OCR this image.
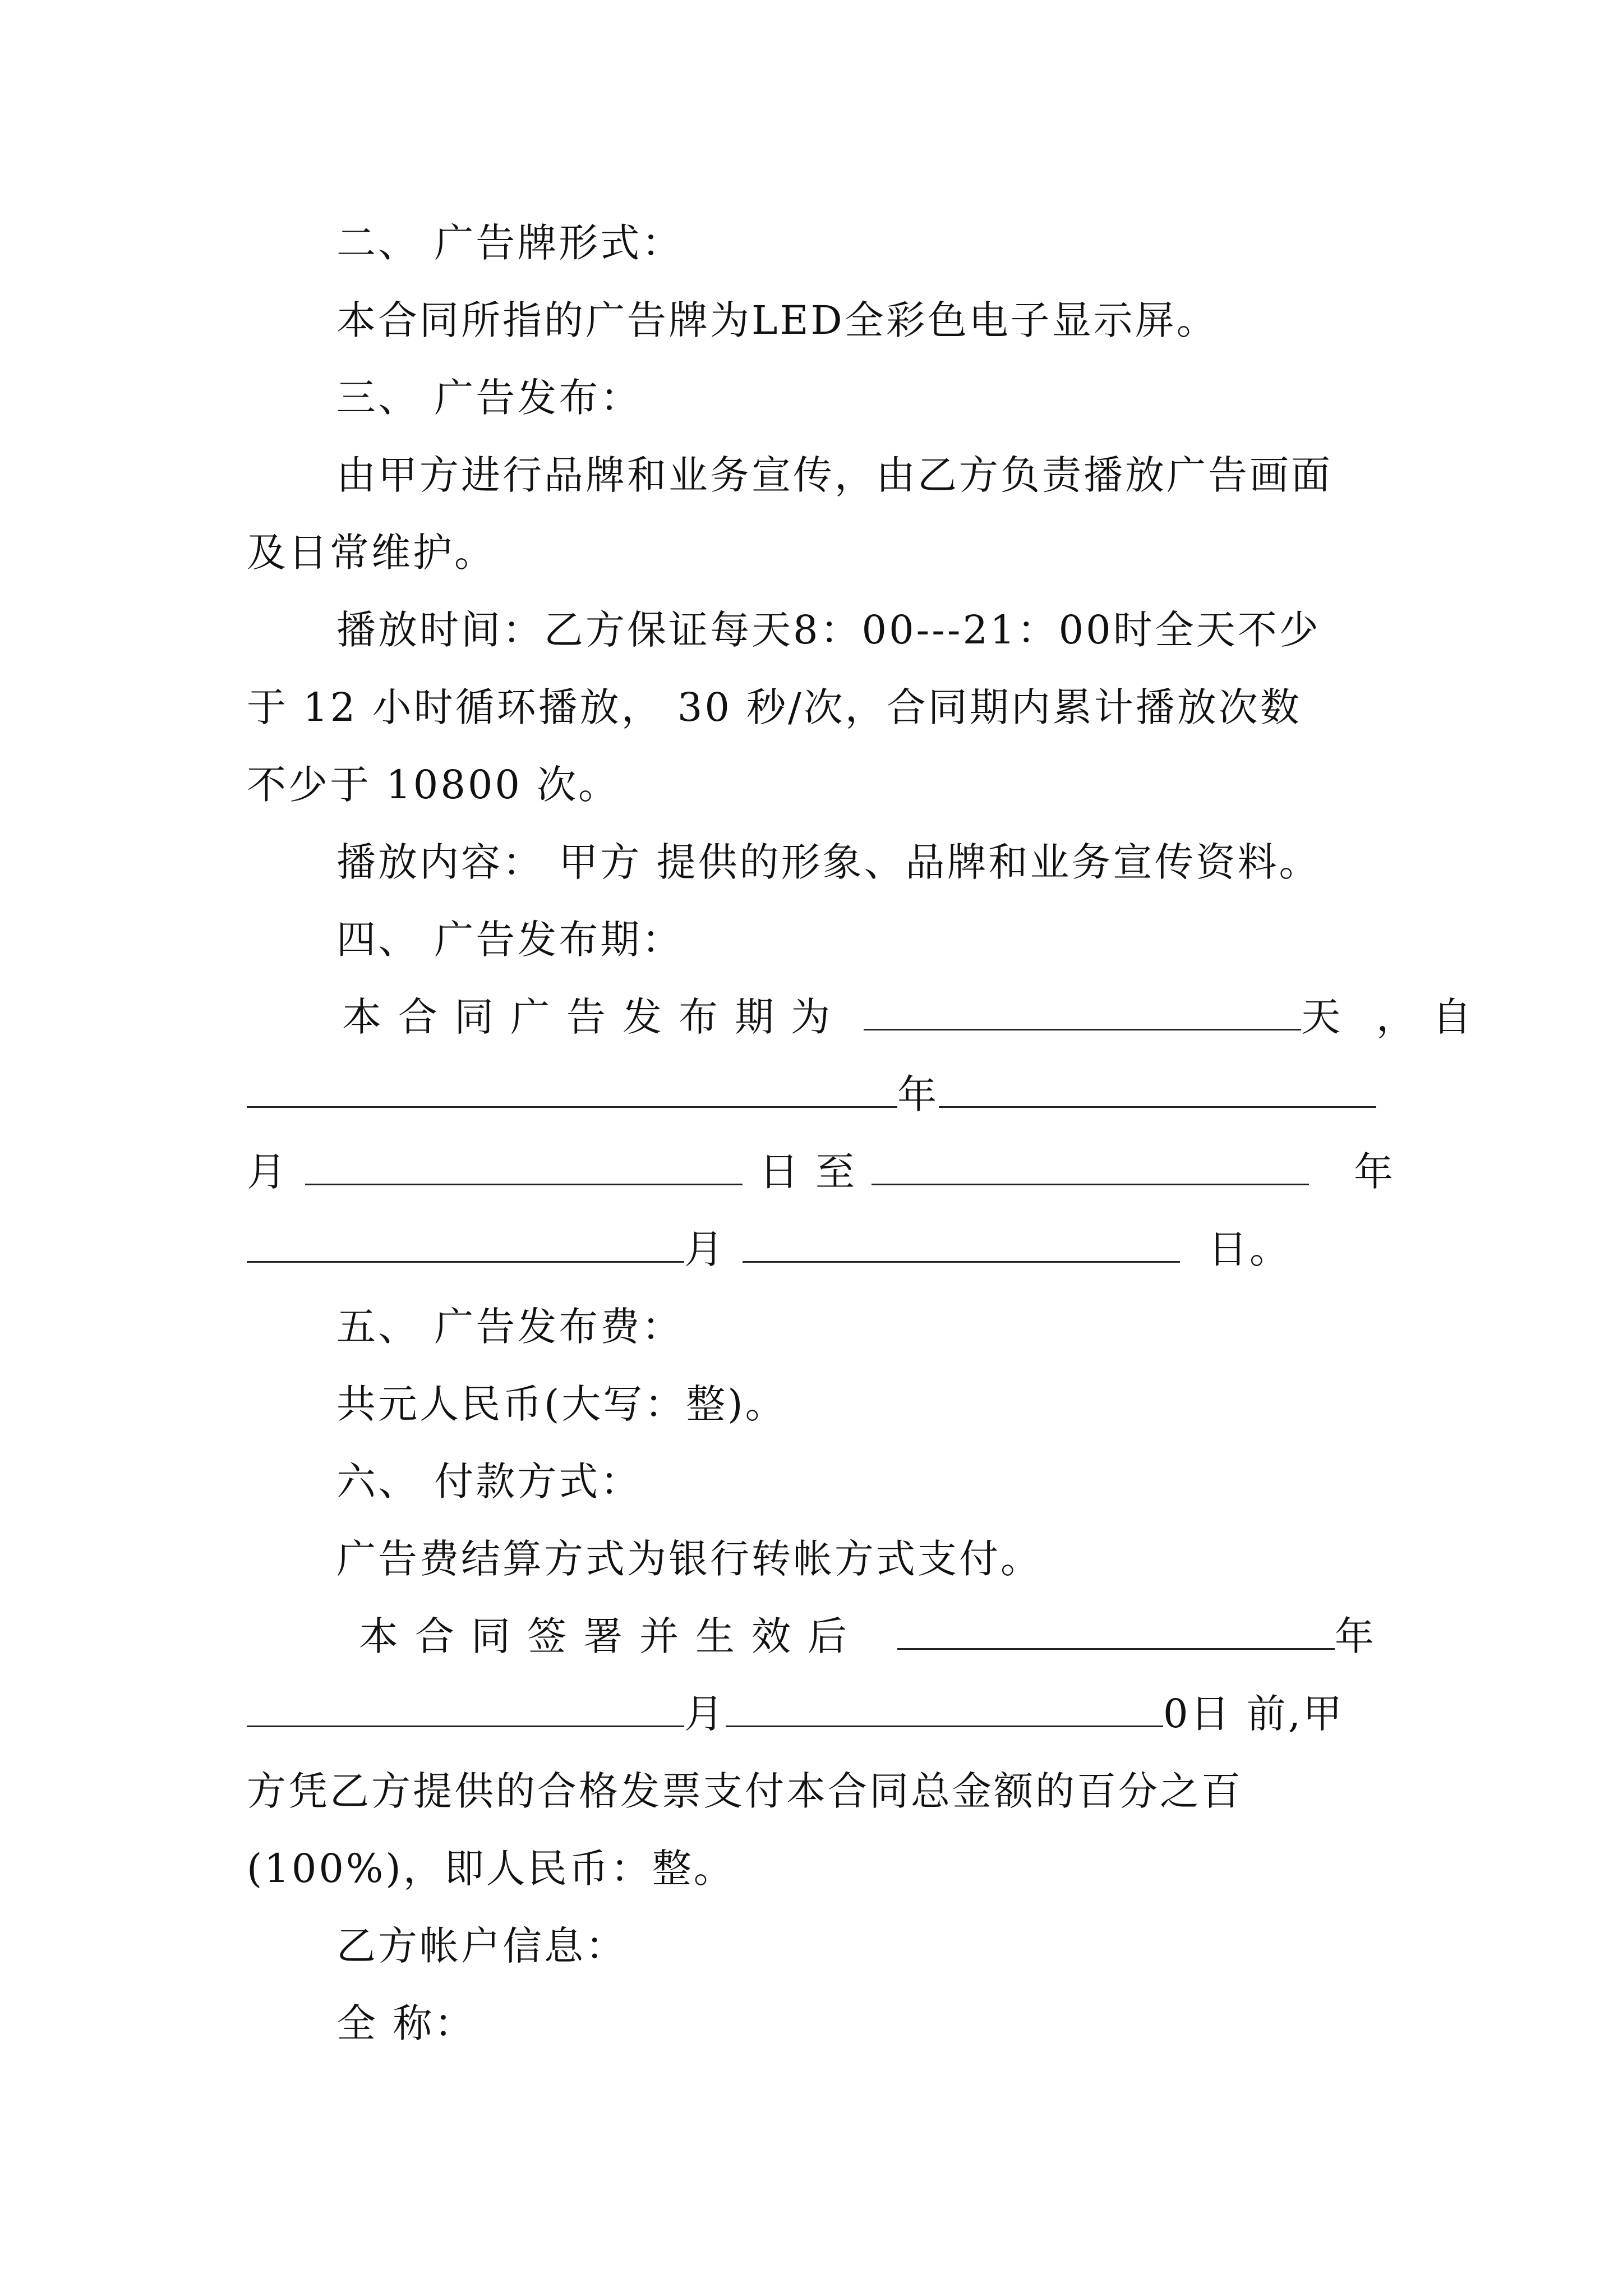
二、 广告牌形式：
本合同所指的广告牌为LED全彩色电子显示屏。
三、 广告发布：
由甲方进行品牌和业务宣传，由乙方负责播放广告画面
及日常维护。
播放时间：乙方保证每天8：00---21：00时全天不少
于 12 小时循环播放， 30 秒/次，合同期内累计播放次数
不少于 10800 次。
播放内容： 甲方 提供的形象、品牌和业务宣传资料。
四、 广告发布期：
本合同广告发布期为	天 ，自
年
月	日至	年
月	日。
五、 广告发布费：
共元人民币(大写：整)。
六、 付款方式：
广告费结算方式为银行转帐方式支付。
本合同签署并生效后	年
月	0日 前,甲
方凭乙方提供的合格发票支付本合同总金额的百分之百
(100%)，即人民币：整。
乙方帐户信息：
全 称：
